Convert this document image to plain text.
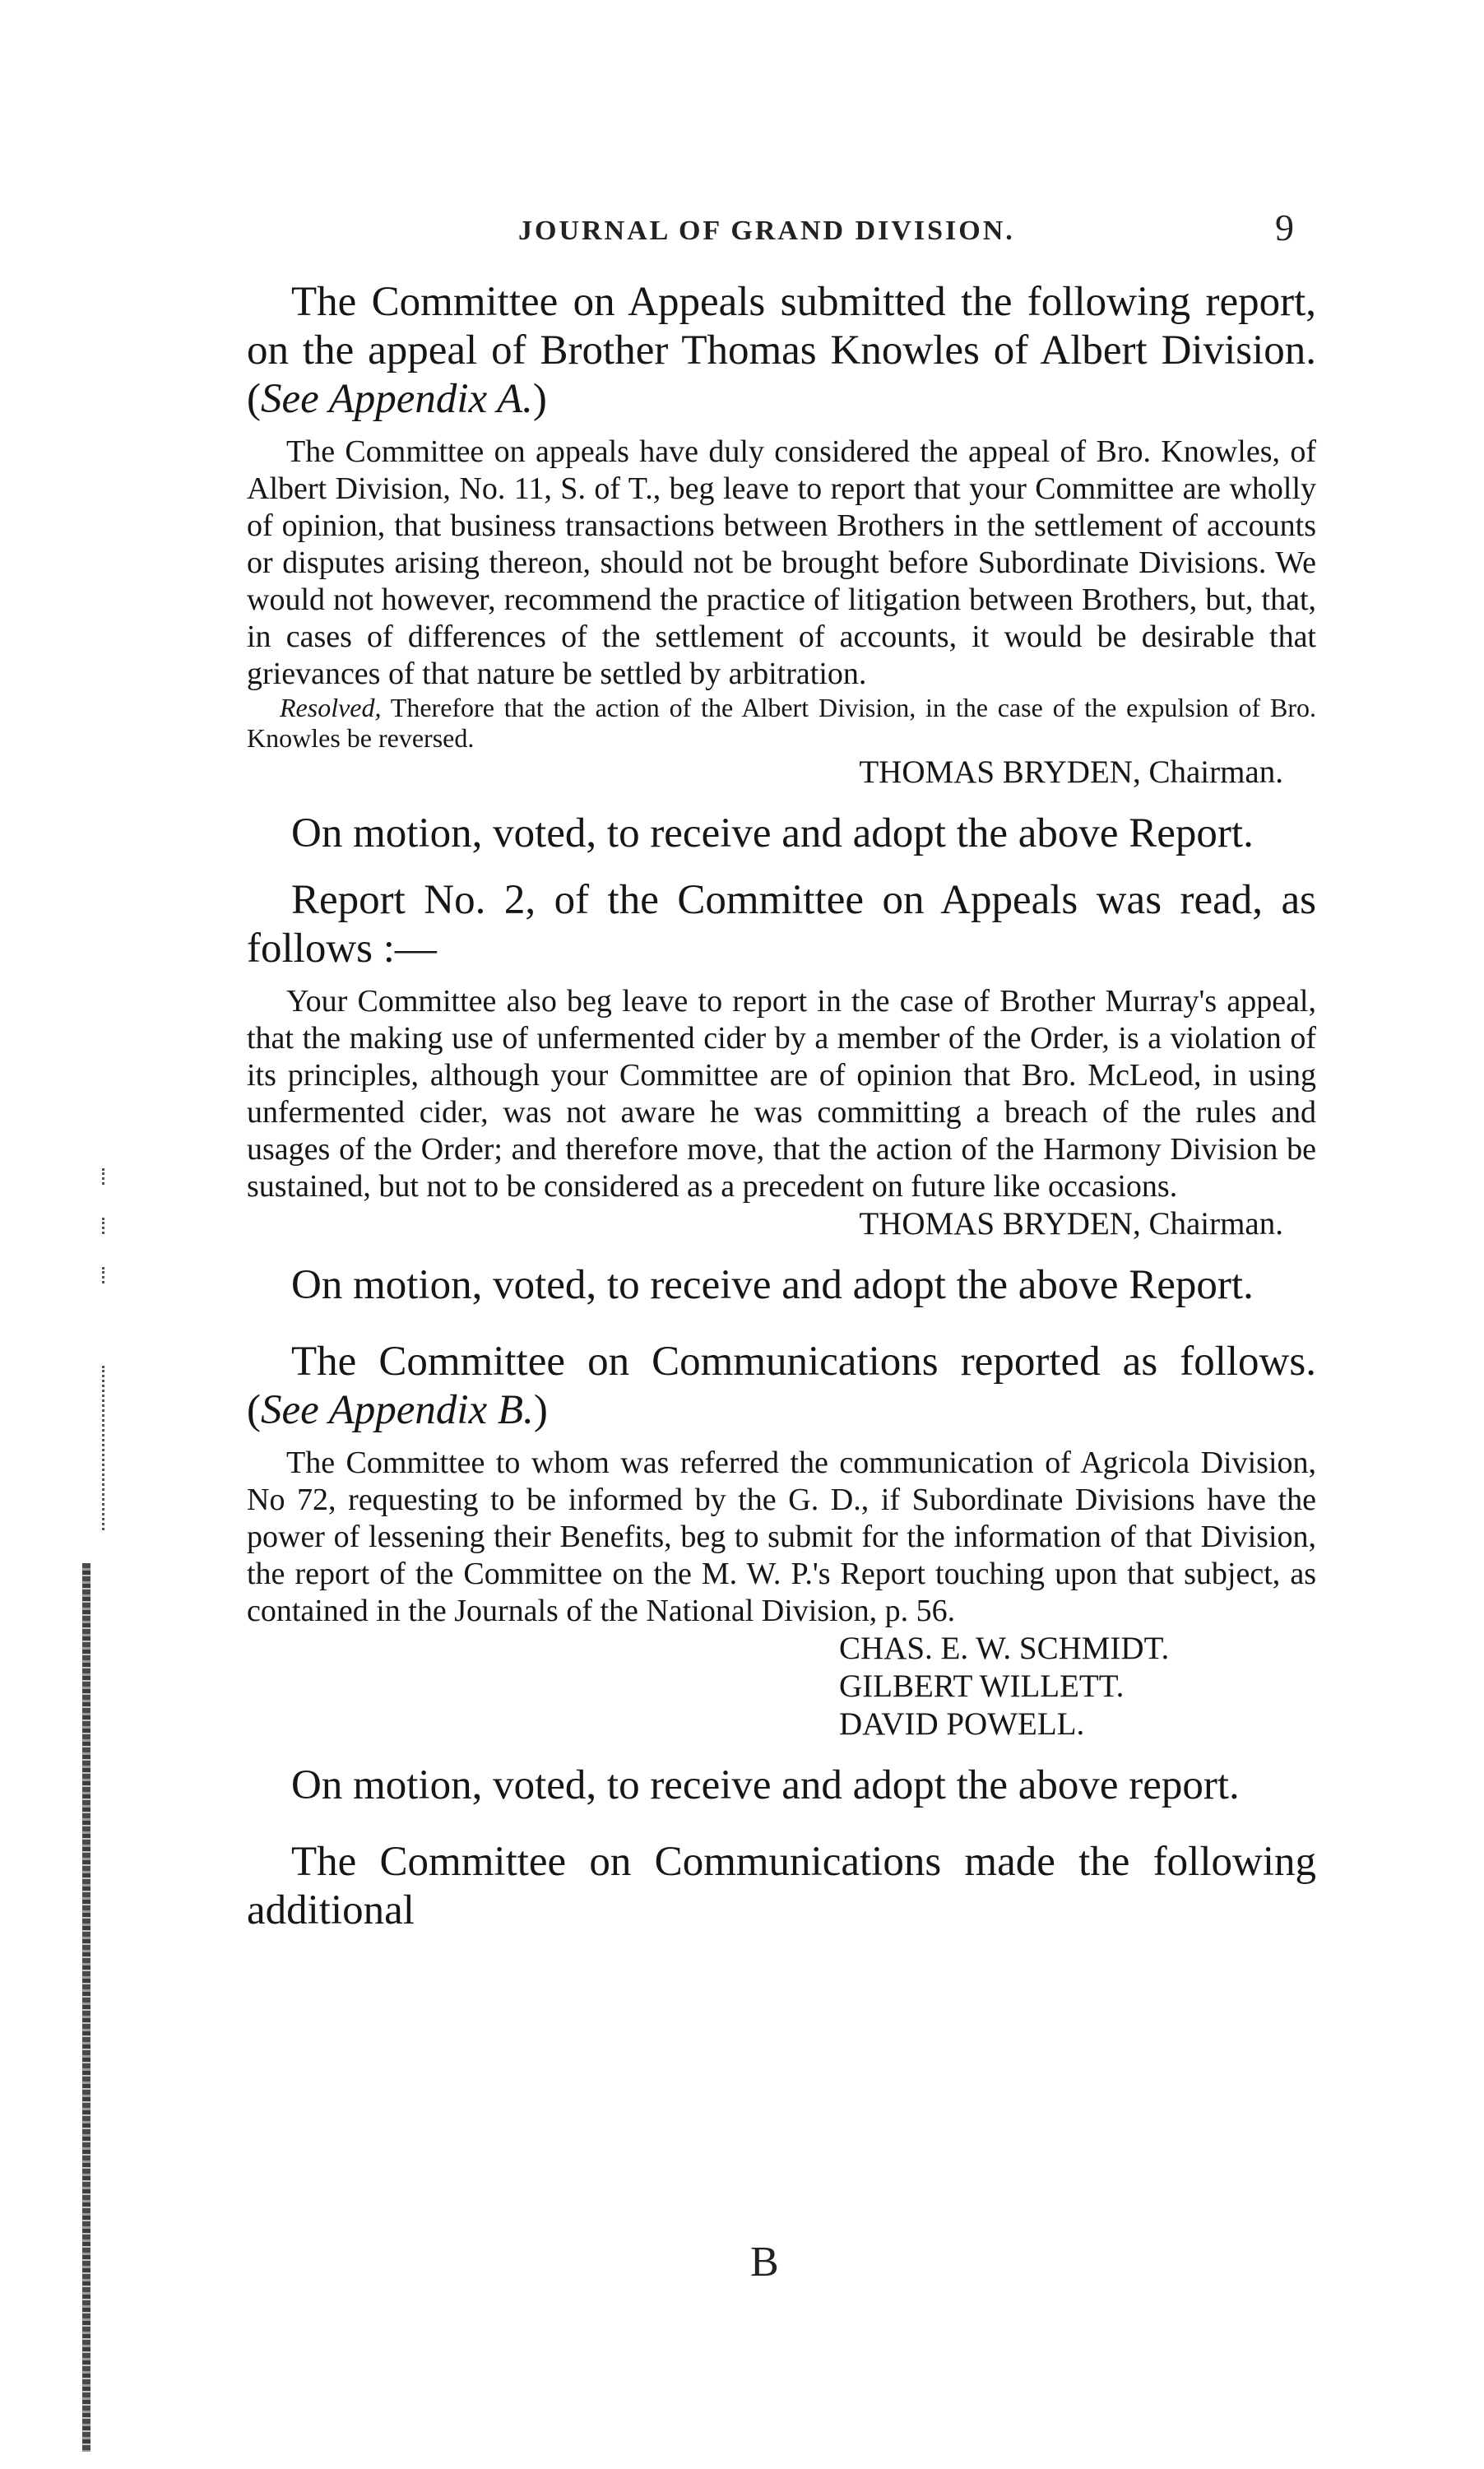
JOURNAL OF GRAND DIVISION.	9

The Committee on Appeals submitted the following report, on the appeal of Brother Thomas Knowles of Albert Division. (See Appendix A.)

The Committee on appeals have duly considered the appeal of Bro. Knowles, of Albert Division, No. 11, S. of T., beg leave to report that your Committee are wholly of opinion, that business transactions between Brothers in the settlement of accounts or disputes arising thereon, should not be brought before Subordinate Divisions. We would not however, recommend the practice of litigation between Brothers, but, that, in cases of differences of the settlement of accounts, it would be desirable that grievances of that nature be settled by arbitration.

Resolved, Therefore that the action of the Albert Division, in the case of the expulsion of Bro. Knowles be reversed.

THOMAS BRYDEN, Chairman.

On motion, voted, to receive and adopt the above Report.

Report No. 2, of the Committee on Appeals was read, as follows :—

Your Committee also beg leave to report in the case of Brother Murray's appeal, that the making use of unfermented cider by a member of the Order, is a violation of its principles, although your Committee are of opinion that Bro. McLeod, in using unfermented cider, was not aware he was committing a breach of the rules and usages of the Order; and therefore move, that the action of the Harmony Division be sustained, but not to be considered as a precedent on future like occasions.

THOMAS BRYDEN, Chairman.

On motion, voted, to receive and adopt the above Report.

The Committee on Communications reported as follows. (See Appendix B.)

The Committee to whom was referred the communication of Agricola Division, No 72, requesting to be informed by the G. D., if Subordinate Divisions have the power of lessening their Benefits, beg to submit for the information of that Division, the report of the Committee on the M. W. P.'s Report touching upon that subject, as contained in the Journals of the National Division, p. 56.

CHAS. E. W. SCHMIDT.
GILBERT WILLETT.
DAVID POWELL.

On motion, voted, to receive and adopt the above report.

The Committee on Communications made the following additional

B
